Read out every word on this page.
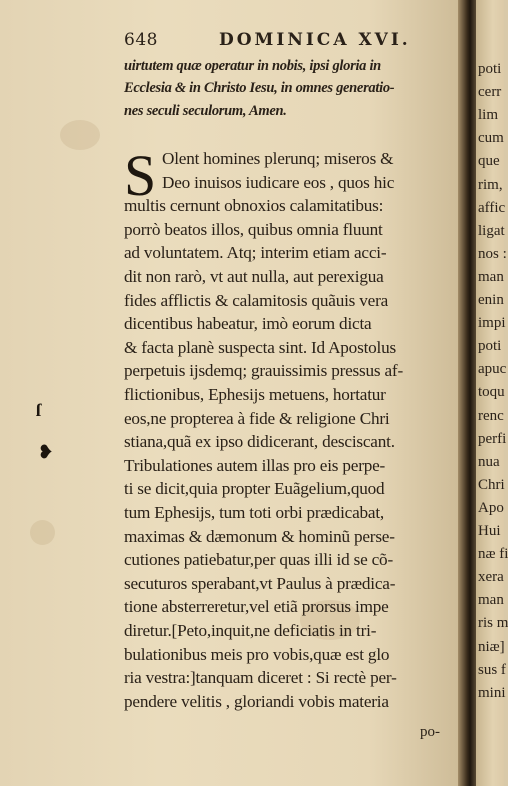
poti
cerr
lim
cum
que
rim,
affic
ligat
nos :
man
enin
impi
poti
apuc
toqu
renc
perfi
nua
Chri
Apo
Hui
næ fi
xera
man
ris m
niæ]
sus f
mini
648	DOMINICA XVI.
uirtutem quæ operatur in nobis, ipsi gloria in
Ecclesia & in Christo Iesu, in omnes generatio-
nes seculi seculorum, Amen.
S Olent homines plerunq; miseros &
Deo inuisos iudicare eos , quos hic
multis cernunt obnoxios calamitatibus:
porrò beatos illos, quibus omnia fluunt
ad voluntatem. Atq; interim etiam acci-
dit non rarò, vt aut nulla, aut perexigua
fides afflictis & calamitosis quãuis vera
dicentibus habeatur, imò eorum dicta
& facta planè suspecta sint. Id Apostolus
perpetuis ijsdemq; grauissimis pressus af-
flictionibus, Ephesijs metuens, hortatur
eos,ne propterea à fide & religione Chri
stiana,quã ex ipso didicerant, desciscant.
Tribulationes autem illas pro eis perpe-
ti se dicit,quia propter Euãgelium,quod
tum Ephesijs, tum toti orbi prædicabat,
maximas & dæmonum & hominũ perse-
cutiones patiebatur,per quas illi id se cõ-
secuturos sperabant,vt Paulus à prædica-
tione absterreretur,vel etiã prorsus impe
diretur.[Peto,inquit,ne deficiatis in tri-
bulationibus meis pro vobis,quæ est glo
ria vestra:]tanquam diceret : Si rectè per-
pendere velitis , gloriandi vobis materia
ſ
❥
po-
